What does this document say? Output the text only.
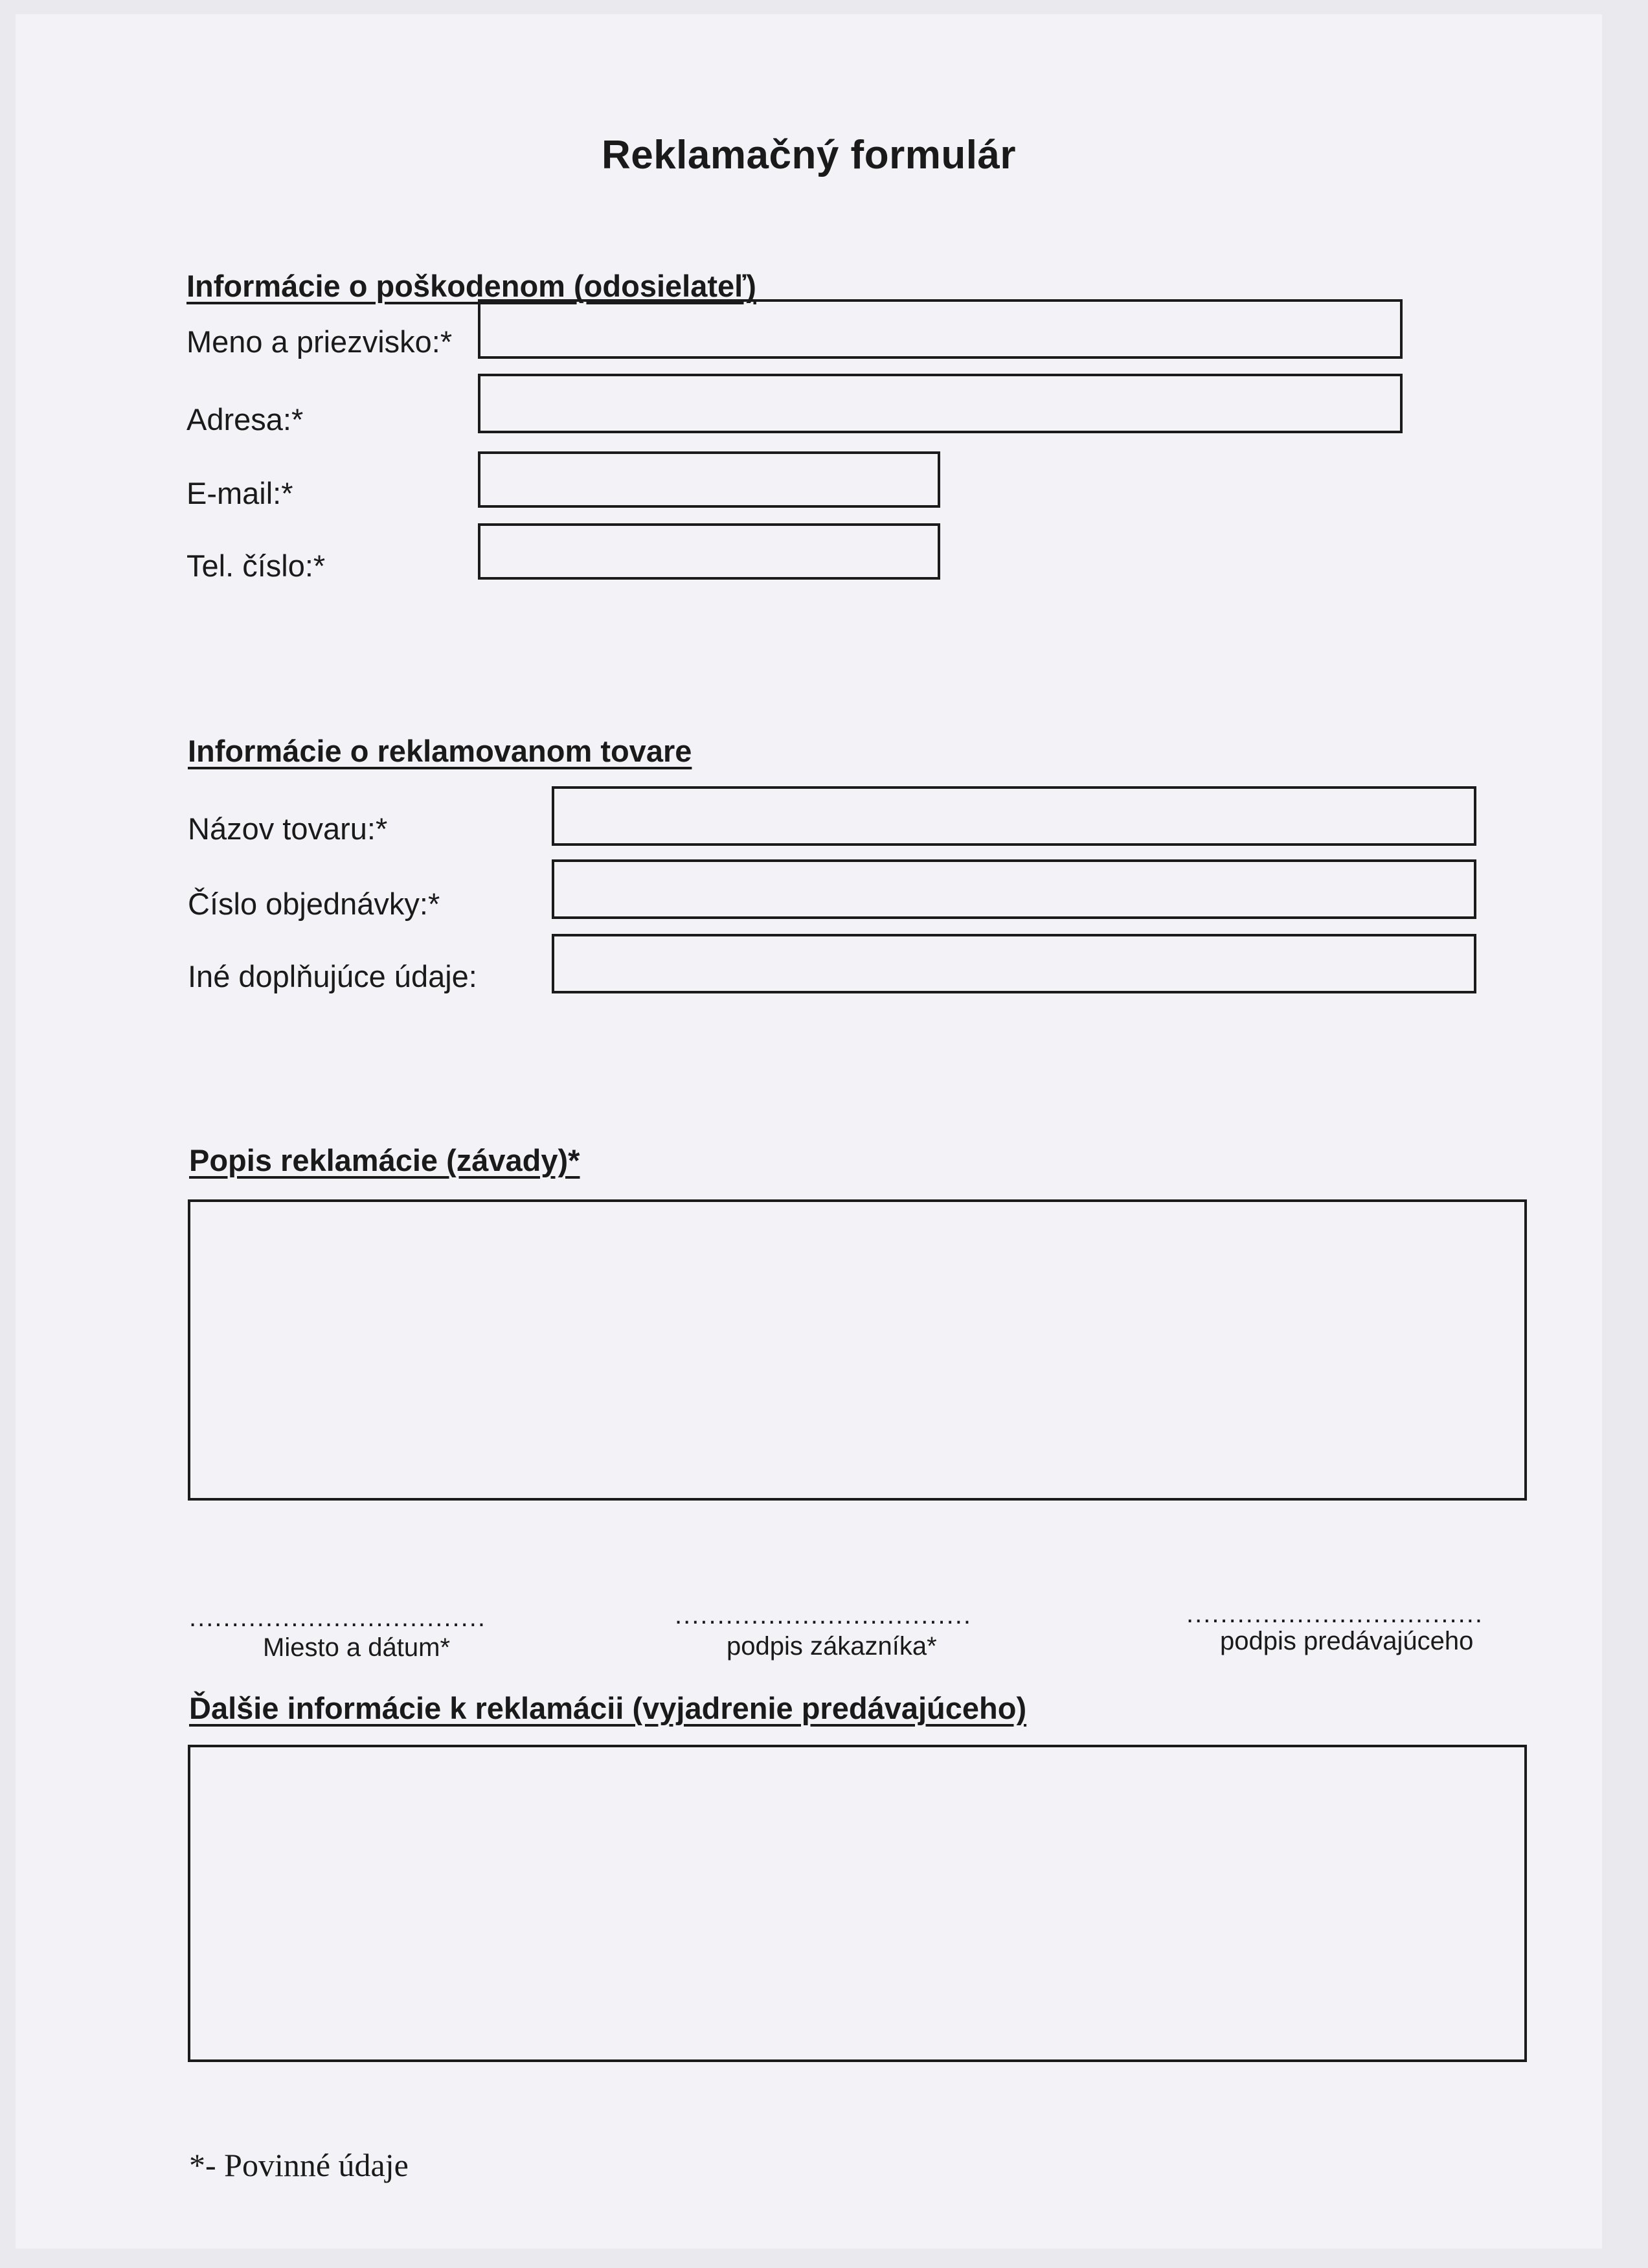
Reklamačný formulár
Informácie o poškodenom (odosielateľ)
Meno a priezvisko:*
Adresa:*
E-mail:*
Tel. číslo:*
Informácie o reklamovanom tovare
Názov tovaru:*
Číslo objednávky:*
Iné doplňujúce údaje:
Popis reklamácie (závady)*
...................................
Miesto a dátum*
...................................
podpis zákazníka*
...................................
podpis predávajúceho
Ďalšie informácie k reklamácii (vyjadrenie predávajúceho)
*- Povinné údaje
